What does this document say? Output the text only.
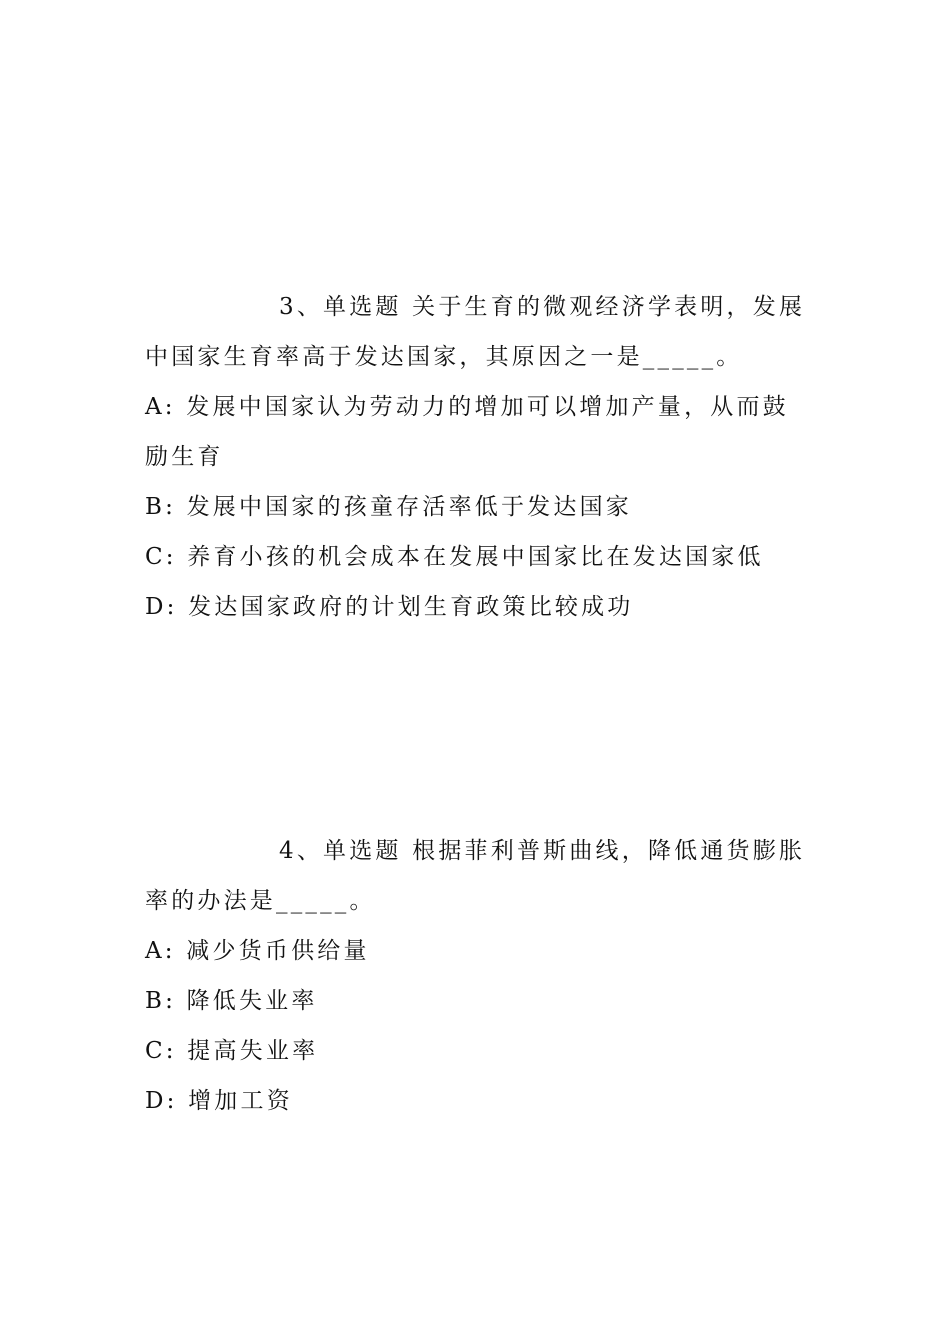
3、单选题 关于生育的微观经济学表明，发展中国家生育率高于发达国家，其原因之一是_____。

A: 发展中国家认为劳动力的增加可以增加产量，从而鼓励生育

B: 发展中国家的孩童存活率低于发达国家

C: 养育小孩的机会成本在发展中国家比在发达国家低

D: 发达国家政府的计划生育政策比较成功

4、单选题 根据菲利普斯曲线，降低通货膨胀率的办法是_____。

A: 减少货币供给量

B: 降低失业率

C: 提高失业率

D: 增加工资
